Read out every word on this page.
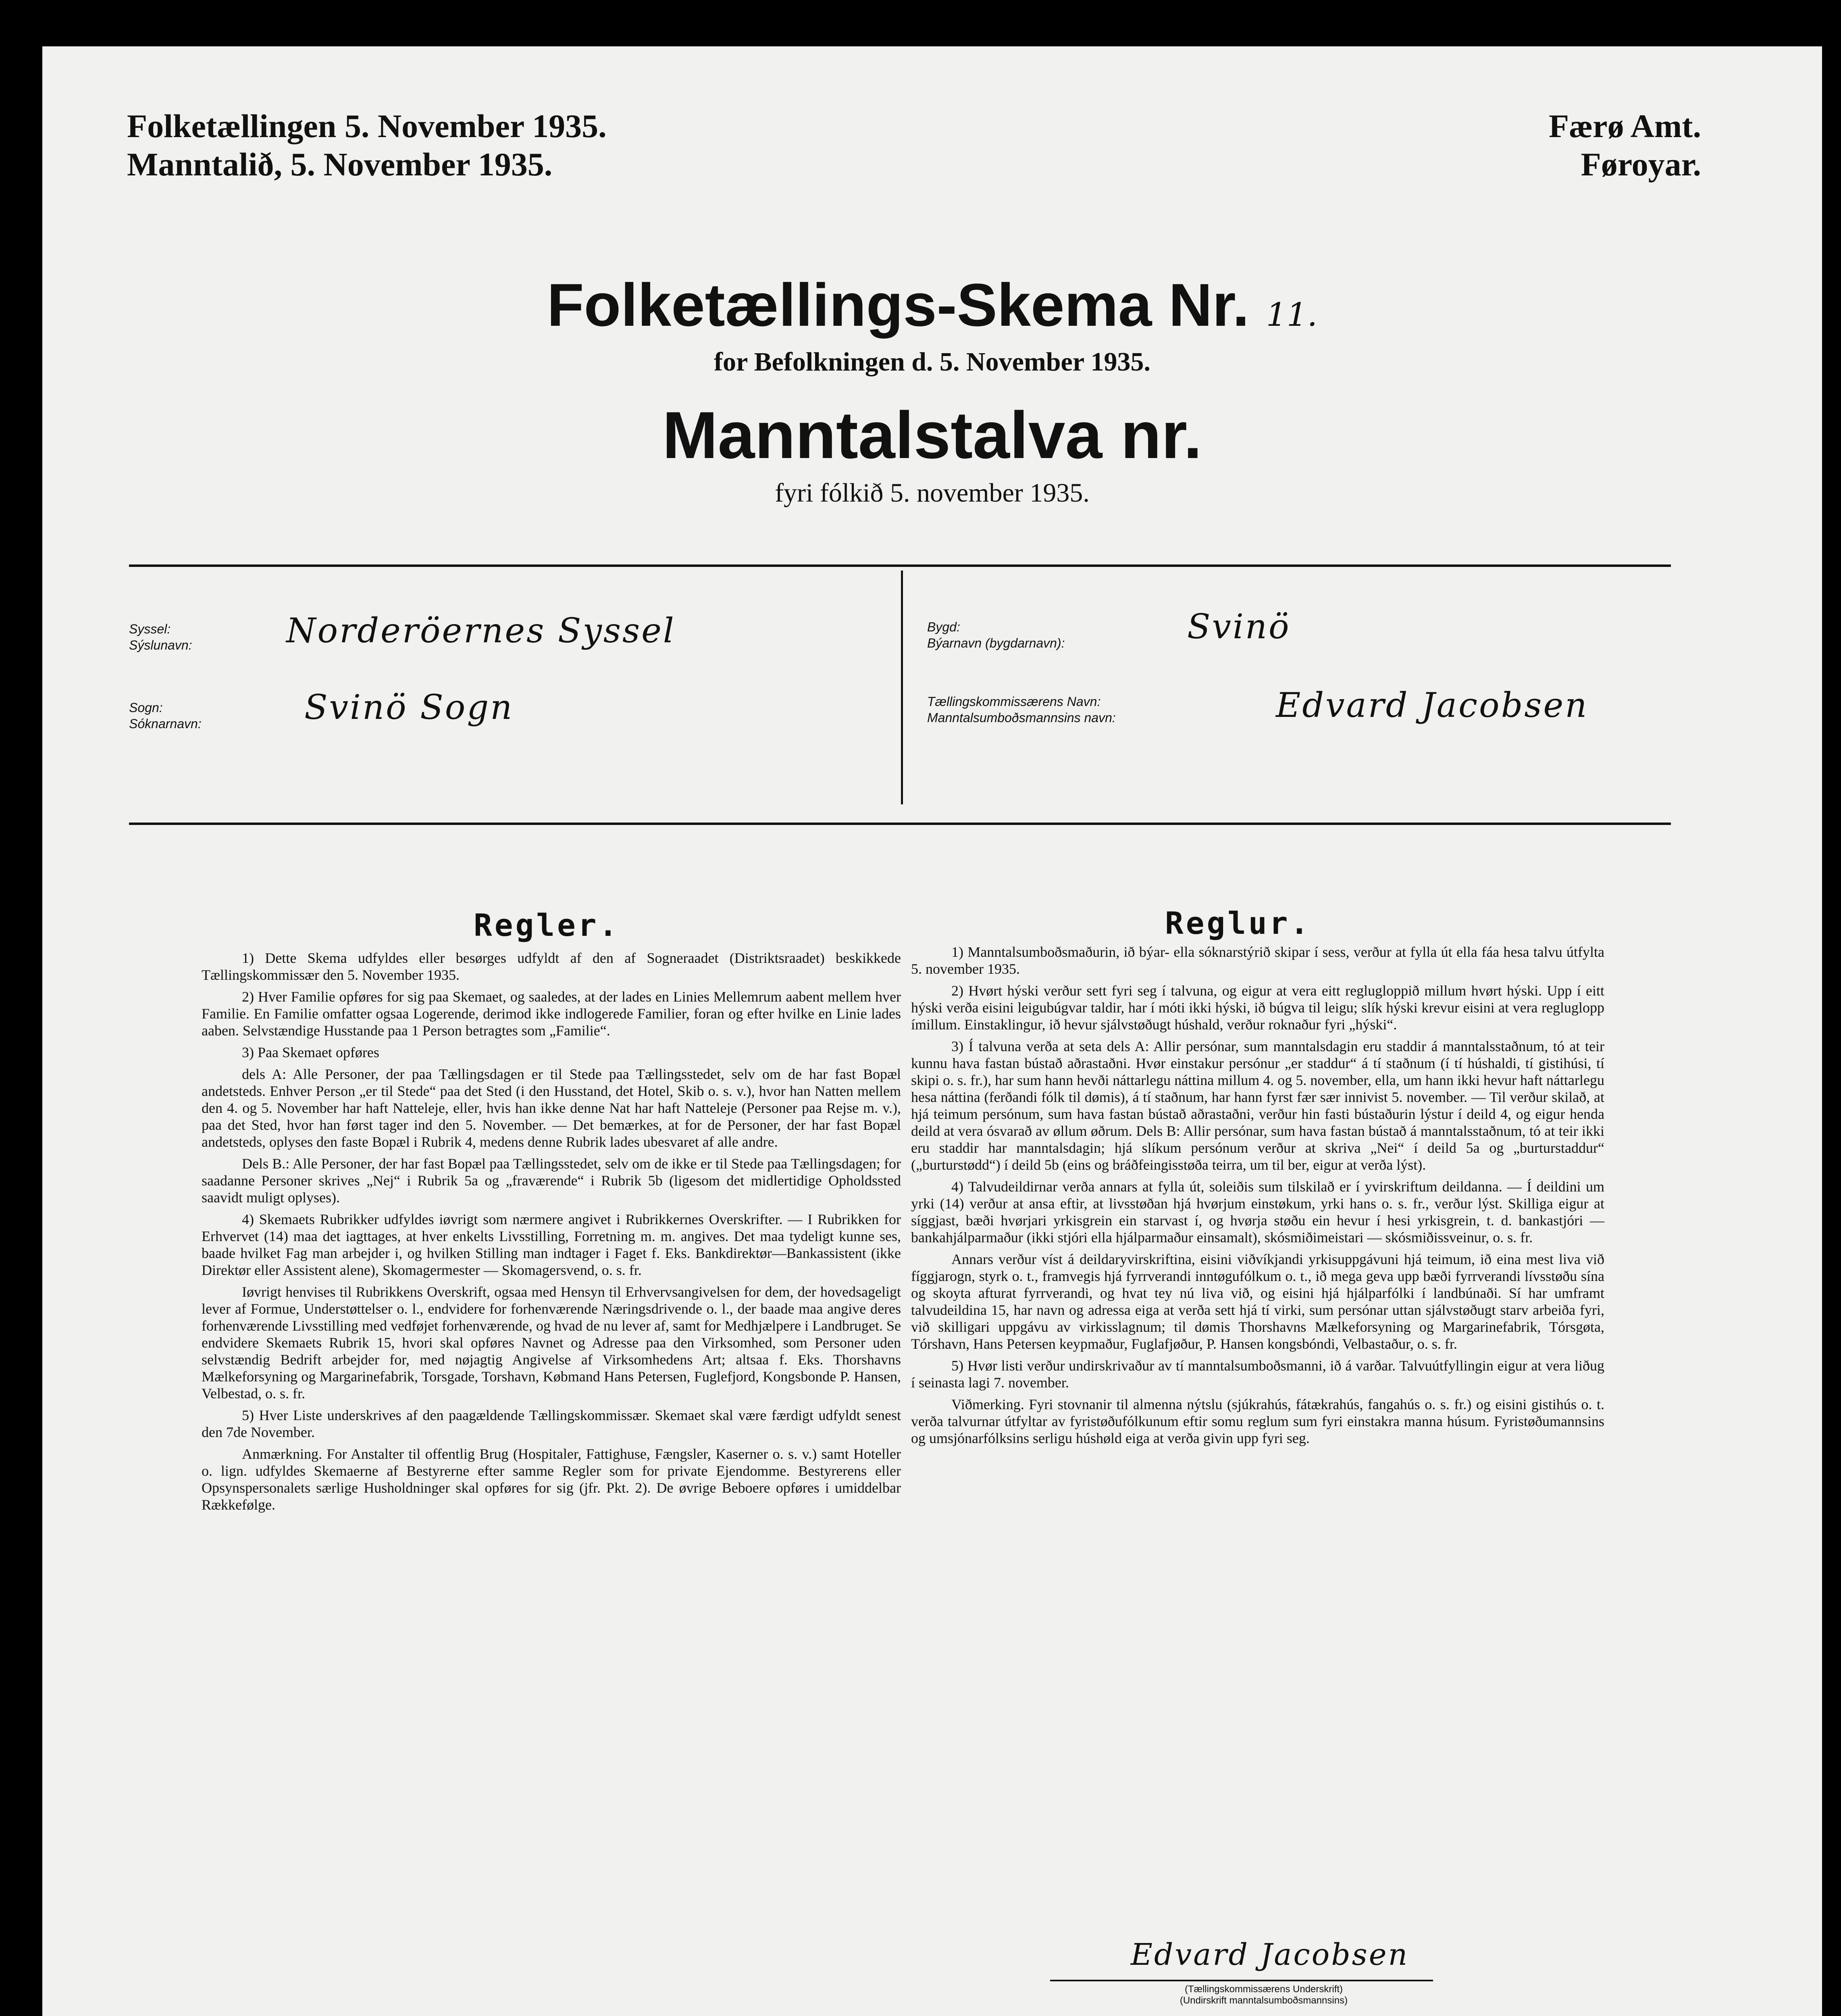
Folketællingen 5. November 1935.
Manntalið, 5. November 1935.
Færø Amt.
Føroyar.
Folketællings-Skema Nr. 11.
for Befolkningen d. 5. November 1935.
Manntalstalva nr.
fyri fólkið 5. november 1935.
Syssel:
Sýslunavn:	Norderöernes Syssel
Sogn:
Sóknarnavn:	Svinö Sogn
Bygd:
Býarnavn (bygdarnavn):	Svinö
Tællingskommissærens Navn:
Manntalsumboðsmannsins navn:	Edvard Jacobsen
Regler.

1) Dette Skema udfyldes eller besørges udfyldt af den af Sogneraadet (Distriktsraadet) beskikkede Tællingskommissær den 5. November 1935.

2) Hver Familie opføres for sig paa Skemaet, og saaledes, at der lades en Linies Mellemrum aabent mellem hver Familie. En Familie omfatter ogsaa Logerende, derimod ikke indlogerede Familier, foran og efter hvilke en Linie lades aaben. Selvstændige Husstande paa 1 Person betragtes som „Familie“.

3) Paa Skemaet opføres

dels A: Alle Personer, der paa Tællingsdagen er til Stede paa Tællingsstedet, selv om de har fast Bopæl andetsteds. Enhver Person „er til Stede“ paa det Sted (i den Husstand, det Hotel, Skib o. s. v.), hvor han Natten mellem den 4. og 5. November har haft Natteleje, eller, hvis han ikke denne Nat har haft Natteleje (Personer paa Rejse m. v.), paa det Sted, hvor han først tager ind den 5. November. — Det bemærkes, at for de Personer, der har fast Bopæl andetsteds, oplyses den faste Bopæl i Rubrik 4, medens denne Rubrik lades ubesvaret af alle andre.

Dels B.: Alle Personer, der har fast Bopæl paa Tællingsstedet, selv om de ikke er til Stede paa Tællingsdagen; for saadanne Personer skrives „Nej“ i Rubrik 5a og „fraværende“ i Rubrik 5b (ligesom det midlertidige Opholdssted saavidt muligt oplyses).

4) Skemaets Rubrikker udfyldes iøvrigt som nærmere angivet i Rubrikkernes Overskrifter. — I Rubrikken for Erhvervet (14) maa det iagttages, at hver enkelts Livsstilling, Forretning m. m. angives. Det maa tydeligt kunne ses, baade hvilket Fag man arbejder i, og hvilken Stilling man indtager i Faget f. Eks. Bankdirektør—Bankassistent (ikke Direktør eller Assistent alene), Skomagermester — Skomagersvend, o. s. fr.

Iøvrigt henvises til Rubrikkens Overskrift, ogsaa med Hensyn til Erhvervsangivelsen for dem, der hovedsageligt lever af Formue, Understøttelser o. l., endvidere for forhenværende Næringsdrivende o. l., der baade maa angive deres forhenværende Livsstilling med vedføjet forhenværende, og hvad de nu lever af, samt for Medhjælpere i Landbruget. Se endvidere Skemaets Rubrik 15, hvori skal opføres Navnet og Adresse paa den Virksomhed, som Personer uden selvstændig Bedrift arbejder for, med nøjagtig Angivelse af Virksomhedens Art; altsaa f. Eks. Thorshavns Mælkeforsyning og Margarinefabrik, Torsgade, Torshavn, Købmand Hans Petersen, Fuglefjord, Kongsbonde P. Hansen, Velbestad, o. s. fr.

5) Hver Liste underskrives af den paagældende Tællingskommissær. Skemaet skal være færdigt udfyldt senest den 7de November.

Anmærkning. For Anstalter til offentlig Brug (Hospitaler, Fattighuse, Fængsler, Kaserner o. s. v.) samt Hoteller o. lign. udfyldes Skemaerne af Bestyrerne efter samme Regler som for private Ejendomme. Bestyrerens eller Opsynspersonalets særlige Husholdninger skal opføres for sig (jfr. Pkt. 2). De øvrige Beboere opføres i umiddelbar Rækkefølge.

Reglur.

1) Manntalsumboðsmaðurin, ið býar- ella sóknarstýrið skipar í sess, verður at fylla út ella fáa hesa talvu útfylta 5. november 1935.

2) Hvørt hýski verður sett fyri seg í talvuna, og eigur at vera eitt reglugloppið millum hvørt hýski. Upp í eitt hýski verða eisini leigubúgvar taldir, har í móti ikki hýski, ið búgva til leigu; slík hýski krevur eisini at vera regluglopp ímillum. Einstaklingur, ið hevur sjálvstøðugt húshald, verður roknaður fyri „hýski“.

3) Í talvuna verða at seta dels A: Allir persónar, sum manntalsdagin eru staddir á manntalsstaðnum, tó at teir kunnu hava fastan bústað aðrastaðni. Hvør einstakur persónur „er staddur“ á tí staðnum (í tí húshaldi, tí gistihúsi, tí skipi o. s. fr.), har sum hann hevði náttarlegu náttina millum 4. og 5. november, ella, um hann ikki hevur haft náttarlegu hesa náttina (ferðandi fólk til dømis), á tí staðnum, har hann fyrst fær sær innivist 5. november. — Til verður skilað, at hjá teimum persónum, sum hava fastan bústað aðrastaðni, verður hin fasti bústaðurin lýstur í deild 4, og eigur henda deild at vera ósvarað av øllum øðrum. Dels B: Allir persónar, sum hava fastan bústað á manntalsstaðnum, tó at teir ikki eru staddir har manntalsdagin; hjá slíkum persónum verður at skriva „Nei“ í deild 5a og „burturstaddur“ („burturstødd“) í deild 5b (eins og bráðfeingisstøða teirra, um til ber, eigur at verða lýst).

4) Talvudeildirnar verða annars at fylla út, soleiðis sum tilskilað er í yvirskriftum deildanna. — Í deildini um yrki (14) verður at ansa eftir, at livsstøðan hjá hvørjum einstøkum, yrki hans o. s. fr., verður lýst. Skilliga eigur at síggjast, bæði hvørjari yrkisgrein ein starvast í, og hvørja støðu ein hevur í hesi yrkisgrein, t. d. bankastjóri — bankahjálparmaður (ikki stjóri ella hjálparmaður einsamalt), skósmiðimeistari — skósmiðissveinur, o. s. fr.

Annars verður víst á deildaryvirskriftina, eisini viðvíkjandi yrkisuppgávuni hjá teimum, ið eina mest liva við fíggjarogn, styrk o. t., framvegis hjá fyrrverandi inntøgufólkum o. t., ið mega geva upp bæði fyrrverandi lívsstøðu sína og skoyta afturat fyrrverandi, og hvat tey nú liva við, og eisini hjá hjálparfólki í landbúnaði. Sí har umframt talvudeildina 15, har navn og adressa eiga at verða sett hjá tí virki, sum persónar uttan sjálvstøðugt starv arbeiða fyri, við skilligari uppgávu av virkisslagnum; til dømis Thorshavns Mælkeforsyning og Margarinefabrik, Tórsgøta, Tórshavn, Hans Petersen keypmaður, Fuglafjøður, P. Hansen kongsbóndi, Velbastaður, o. s. fr.

5) Hvør listi verður undirskrivaður av tí manntalsumboðsmanni, ið á varðar. Talvuútfyllingin eigur at vera liðug í seinasta lagi 7. november.

Viðmerking. Fyri stovnanir til almenna nýtslu (sjúkrahús, fátækrahús, fangahús o. s. fr.) og eisini gistihús o. t. verða talvurnar útfyltar av fyristøðufólkunum eftir somu reglum sum fyri einstakra manna húsum. Fyristøðumannsins og umsjónarfólksins serligu húshøld eiga at verða givin upp fyri seg.

Edvard Jacobsen
(Tællingskommissærens Underskrift)
(Undirskrift manntalsumboðsmannsins)
